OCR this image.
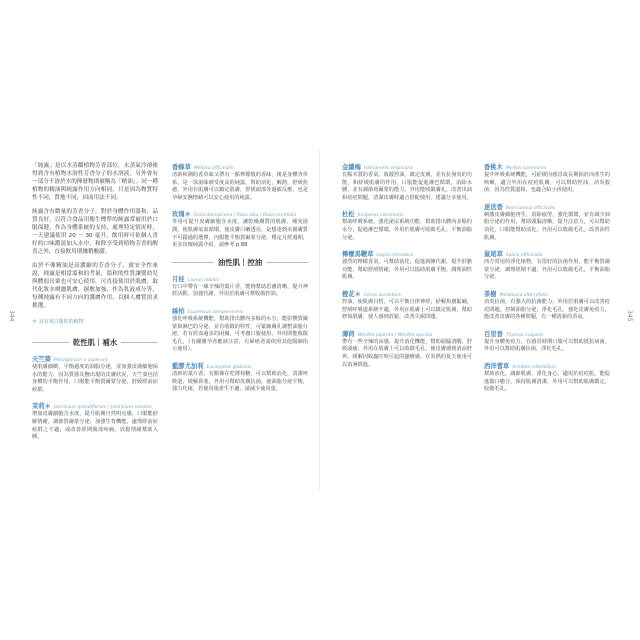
344	345

「純露」是以水蒸餾植物芳香部位，水蒸氣冷卻後得到含有植物水溶性芳香分子的水溶液，另外會有一部分不溶於水的揮發物則被稱為「精油」。同一種植物的精油與純露作用方向相同，只是因為物質特性不同，質地不同，因而用法不同。

純露含有微量的芳香分子，對於身體作用溫和，品質良好，以符合食品用衛生標準的純露常被用於口服保健，作為身體系統的支持，處理特定情況時，一天建議使用 20 ～ 30 毫升，飲用時可依個人喜好的口味濃淡加入水中，和除享受到植物芳香的醒喜之外，直接飲用則嫌稍酸澀。

由於不像精油是高濃縮的芳香分子，就安全性來說，純露是相當溫和的考量，溫和的性質讓嬰幼兒與體弱長輩也可安心使用，可直接使用於肌膚，取代化妝水噴灑肌膚，濕敷加強，作為乳液成分等，每種純露有不同方向的護膚作用，以個人膚質需求挑選。

＊ 具有來自羅性的植物
乾性肌｜補水
天竺葵 Pelargonium x asperum
使肌膚細緻，平衡過度的油脂分泌，並加強皮膚細胞保水的能力，因為質感及撫出現的皮膚狀況，天竺葵包括身體的平衡作用，口服能平衡賀爾蒙分泌，舒緩經前症候群。
茉莉＊ Jasminum grandiflorum / Jasminum sambac
增加皮膚細胞含水度，提升肌膚自然明亮感，口服能紓解情緒，調節賀爾蒙分泌，加強生育機能，處理經前症候群之不適，或改善經期腹部疼痛，放鬆情緒幫助入睡。
香蜂草 Melissa officinalis
清新和潤的香草味又帶有一點檸檬般的香味，後是身體青草系，是一款滋味被受度高的純露，幫助消化，解熱，舒緩焦慮，外用在肌膚可以鎮定肌膚，舒緩頭部等過敏反應，也是孕婦安撫情緒可以安心使用的純露。
玫瑰＊ Rosa damascena / Rosa alba / Rosa centifolia
外用可提升皮膚細胞含水度，讓乾燥膚質的肌膚，補充滋潤，使肌膚氣血循環，使皮膚白嫩透亮，是想達到美麗膚質不可錯過的選擇，內服能平衡賀爾蒙分泌，穩定月經週期，更多玫瑰純露介紹，請參考 p.88
油性肌｜控油
月桂 Laurus nobilis
有口中帶有一絲辛辣的葉片香，能夠幫助思慮清晰，提升神經活動，加強代謝，外用於肌膚可幫收斂控油。
絲柏 Cupressus sempervirens
強化呼吸系統機能，幫助排出體內多餘的水分，能影響賀爾蒙與淋巴的分泌，並有收斂的特性，可緊縮膚孔調整油脂分泌，若有經血過多的困擾，可考慮口服使用，外用則能收斂毛孔，（有關懷孕者應該注意，有婦癌者請依照其他醫師指示使用）。
藍膠尤加利 Eucalyptus globulus
清新的葉片香，有點像在吃薄荷糖，可以幫助消化，清潔呼吸道，緩解鼻塞，外用可幫助皮膚抗菌，使油脂分泌平衡，強力化痰，若使用後產生不適，請減少使用量。
金縷梅 Hamamelis virginiana
有點木質的香氣，收斂控油，鎮定皮膚，並有抗發炎的功能，和紓緩肌膚的作用，口服能促進淋巴循環，消除水腫，並有調節荷爾蒙的能力，外用能收斂膚孔，改善出油和痘痘問題，清潔皮膚時適合搭配使用，建議分享使用。
杜松 Juniperus communis
幫助呼吸系統，強化泌尿系統功能，幫助排出體內多餘的水分，促進淋巴循環，外用於肌膚可收斂毛孔、平衡油脂分泌。
檸檬馬鞭草 Lippia citriodora
強烈的檸檬香氣，可幫助消化，促進新陳代謝，提升肝膽功能，幫助舒緩情緒，外用可以協助肌膚平衡，調理油性肌膚。
橙花＊ Citrus aurantium
控油，使肌膚白皙，可以平衡自律神經，紓解焦慮緊繃，舒緩呼吸道系統不適，外用在肌膚上可以鎮定肌膚，幫助修復肌膚，使人感到放鬆，改善失眠問題。
薄荷 Mentha piperita / Mentha spicata
帶有一些辛辣的涼感，提升消化機能，幫助頭腦清醒，舒緩頭痛，外用在肌膚上可以收斂毛孔，使皮膚感到清涼舒爽，緩解因蚊蟲叮咬引起的搔癢感，在炎熱的夏天使用可以消暑降溫。
香桃木 Myrtus communis
提升呼吸系統機能，可紓緩因感冒或長期抽菸而產生的咳嗽，適合外用在痘痘肌膚，可以幫助控油，消炎殺菌，因為性質溫和，也適合給小孩使用。
迷迭香 Rosmarinus officinalis
刺激皮膚細胞再生，消除疲勞，強化循環，並有減少油脂分泌的作用，幫助頭腦清晰，提升注意力，可以幫助消化，口服能幫助消化，外用可以收斂毛孔，改善油性肌膚。
鼠尾草 Salvia officinalis
西方常用的淨化植物，有很好的抗菌作用，能平衡賀爾蒙分泌，調理經期不適，外用可以收斂毛孔，平衡油脂分泌。
茶樹 Melaleuca alternifolia
消炎抗菌，有強大的抗菌能力，外用於肌膚可以改善痘痘問題，控制油脂分泌，淨化毛孔，強化皮膚免疫力，能改善皮膚的各種問題，有一種清新的香氣。
百里香 Thymus vulgaris
提升身體免疫力，在感冒時期口服可以幫助抵抗病菌，外用可以幫助肌膚抗菌，淨化毛孔。
西洋蓍草 Achillea millefolium
幫助消化，調節肌膚，淨化身心，適用於痘痘肌，能促進傷口癒合，保持肌膚清潔，外用可以幫助肌膚鎮定，收斂毛孔。
